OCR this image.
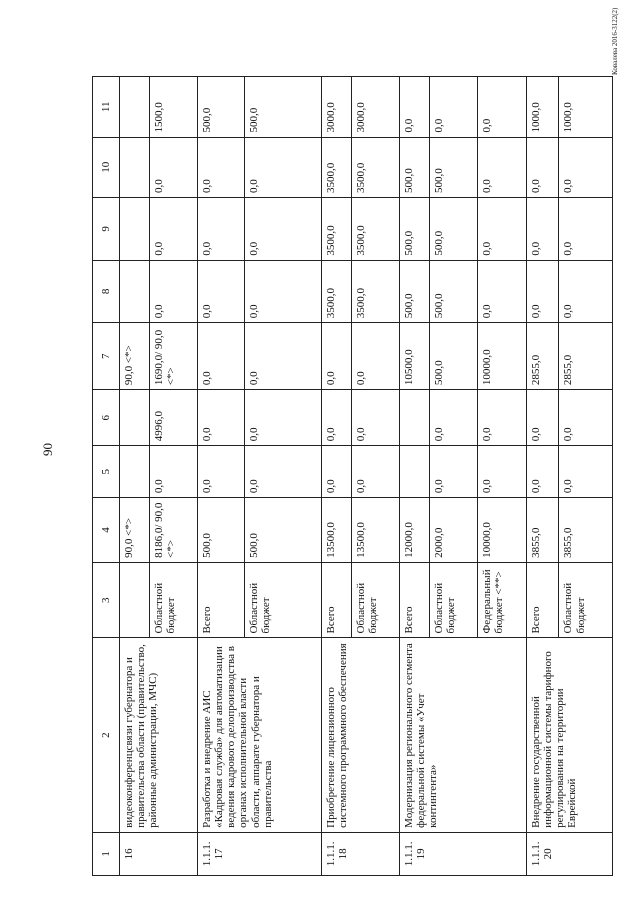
90
Ковалева 2016-3122(2)
1	2	3	4	5	6	7	8	9	10	11
16	видеоконференцсвязи губернатора и правительства области (правительство, районные администрации, МЧС)		90,0 <*>			90,0 <*>				
		Областной бюджет	8186,0/ 90,0 <*>	0,0	4996,0	1690,0/ 90,0 <*>	0,0	0,0	0,0	1500,0
1.1.1. 17	Разработка и внедрение АИС «Кадровая служба» для автоматизации ведения кадрового делопроизводства в органах исполнительной власти области, аппарате губернатора и правительства	Всего	500,0	0,0	0,0	0,0	0,0	0,0	0,0	500,0
		Областной бюджет	500,0	0,0	0,0	0,0	0,0	0,0	0,0	500,0
1.1.1. 18	Приобретение лицензионного системного программного обеспечения	Всего	13500,0	0,0	0,0	0,0	3500,0	3500,0	3500,0	3000,0
		Областной бюджет	13500,0	0,0	0,0	0,0	3500,0	3500,0	3500,0	3000,0
1.1.1. 19	Модернизация регионального сегмента федеральной системы «Учет контингента»	Всего	12000,0			10500,0	500,0	500,0	500,0	0,0
		Областной бюджет	2000,0	0,0	0,0	500,0	500,0	500,0	500,0	0,0
		Федеральный бюджет <**>	10000,0	0,0	0,0	10000,0	0,0	0,0	0,0	0,0
1.1.1. 20	Внедрение государственной информационной системы тарифного регулирования на территории Еврейской	Всего	3855,0	0,0	0,0	2855,0	0,0	0,0	0,0	1000,0
		Областной бюджет	3855,0	0,0	0,0	2855,0	0,0	0,0	0,0	1000,0
